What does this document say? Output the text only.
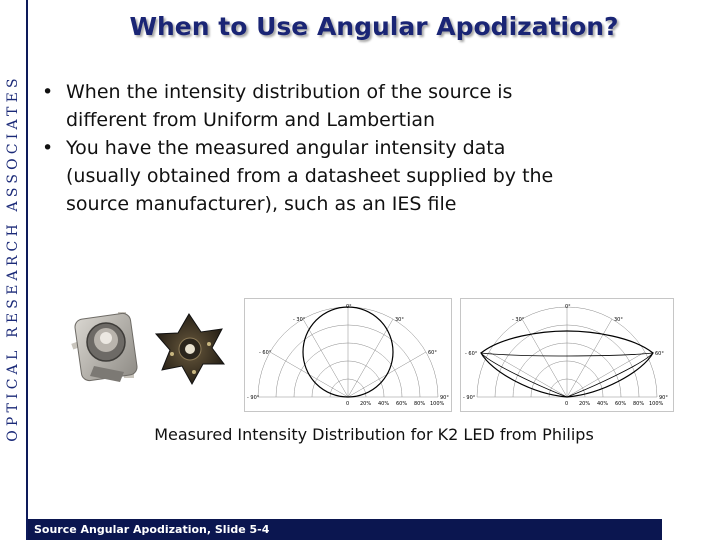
OPTICAL RESEARCH ASSOCIATES
When to Use Angular Apodization?
• When the intensity distribution of the source is
different from Uniform and Lambertian
• You have the measured angular intensity data
(usually obtained from a datasheet supplied by the
source manufacturer), such as an IES file
0°
- 30°	30°
- 60°	60°
- 90°	90°
0 20% 40% 60% 80% 100%
0°
- 30°	30°
- 60°	60°
- 90°	90°
0 20% 40% 60% 80% 100%
Measured Intensity Distribution for K2 LED from Philips
Source Angular Apodization, Slide 5-4
